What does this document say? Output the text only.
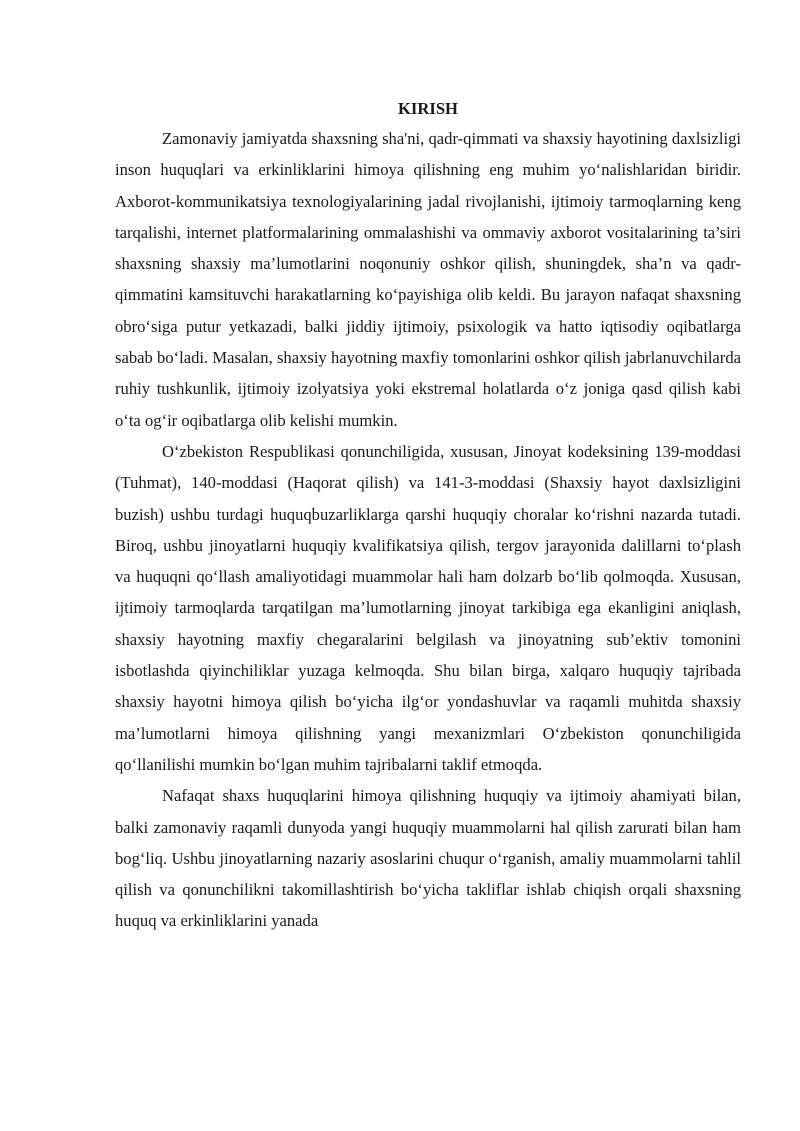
KIRISH

Zamonaviy jamiyatda shaxsning sha'ni, qadr-qimmati va shaxsiy hayotining daxlsizligi inson huquqlari va erkinliklarini himoya qilishning eng muhim yo‘nalishlaridan biridir. Axborot-kommunikatsiya texnologiyalarining jadal rivojlanishi, ijtimoiy tarmoqlarning keng tarqalishi, internet platformalarining ommalashishi va ommaviy axborot vositalarining ta’siri shaxsning shaxsiy ma’lumotlarini noqonuniy oshkor qilish, shuningdek, sha’n va qadr-qimmatini kamsituvchi harakatlarning ko‘payishiga olib keldi. Bu jarayon nafaqat shaxsning obro‘siga putur yetkazadi, balki jiddiy ijtimoiy, psixologik va hatto iqtisodiy oqibatlarga sabab bo‘ladi. Masalan, shaxsiy hayotning maxfiy tomonlarini oshkor qilish jabrlanuvchilarda ruhiy tushkunlik, ijtimoiy izolyatsiya yoki ekstremal holatlarda o‘z joniga qasd qilish kabi o‘ta og‘ir oqibatlarga olib kelishi mumkin.

O‘zbekiston Respublikasi qonunchiligida, xususan, Jinoyat kodeksining 139-moddasi (Tuhmat), 140-moddasi (Haqorat qilish) va 141-3-moddasi (Shaxsiy hayot daxlsizligini buzish) ushbu turdagi huquqbuzarliklarga qarshi huquqiy choralar ko‘rishni nazarda tutadi. Biroq, ushbu jinoyatlarni huquqiy kvalifikatsiya qilish, tergov jarayonida dalillarni to‘plash va huquqni qo‘llash amaliyotidagi muammolar hali ham dolzarb bo‘lib qolmoqda. Xususan, ijtimoiy tarmoqlarda tarqatilgan ma’lumotlarning jinoyat tarkibiga ega ekanligini aniqlash, shaxsiy hayotning maxfiy chegaralarini belgilash va jinoyatning sub’ektiv tomonini isbotlashda qiyinchiliklar yuzaga kelmoqda. Shu bilan birga, xalqaro huquqiy tajribada shaxsiy hayotni himoya qilish bo‘yicha ilg‘or yondashuvlar va raqamli muhitda shaxsiy ma’lumotlarni himoya qilishning yangi mexanizmlari O‘zbekiston qonunchiligida qo‘llanilishi mumkin bo‘lgan muhim tajribalarni taklif etmoqda.

Nafaqat shaxs huquqlarini himoya qilishning huquqiy va ijtimoiy ahamiyati bilan, balki zamonaviy raqamli dunyoda yangi huquqiy muammolarni hal qilish zarurati bilan ham bog‘liq. Ushbu jinoyatlarning nazariy asoslarini chuqur o‘rganish, amaliy muammolarni tahlil qilish va qonunchilikni takomillashtirish bo‘yicha takliflar ishlab chiqish orqali shaxsning huquq va erkinliklarini yanada
